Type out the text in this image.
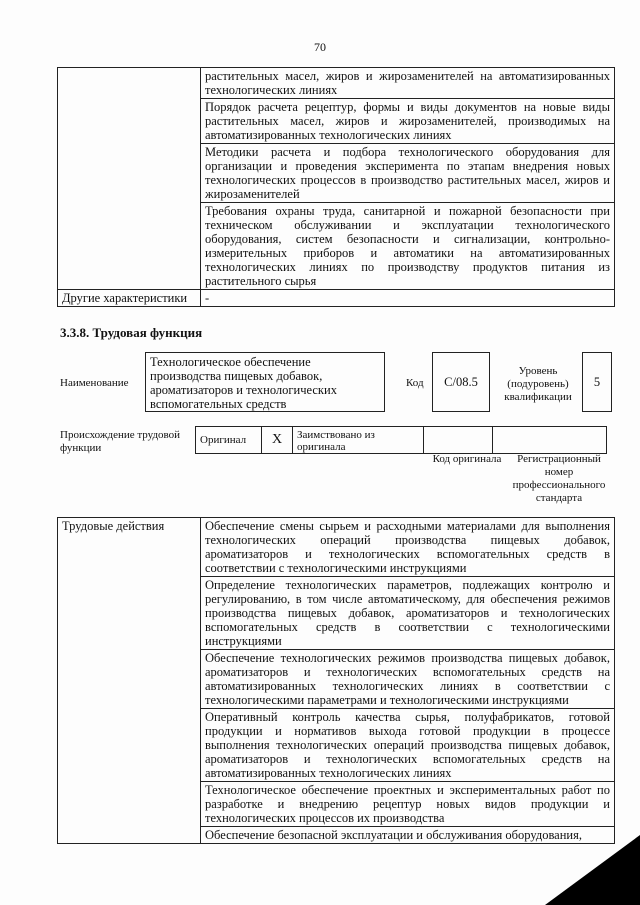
70
	растительных масел, жиров и жирозаменителей на автоматизированных технологических линиях
	Порядок расчета рецептур, формы и виды документов на новые виды растительных масел, жиров и жирозаменителей, производимых на автоматизированных технологических линиях
	Методики расчета и подбора технологического оборудования для организации и проведения эксперимента по этапам внедрения новых технологических процессов в производство растительных масел, жиров и жирозаменителей
	Требования охраны труда, санитарной и пожарной безопасности при техническом обслуживании и эксплуатации технологического оборудования, систем безопасности и сигнализации, контрольно-измерительных приборов и автоматики на автоматизированных технологических линиях по производству продуктов питания из растительного сырья
Другие характеристики	-
3.3.8. Трудовая функция
Наименование
Технологическое обеспечение производства пищевых добавок, ароматизаторов и технологических вспомогательных средств
Код	C/08.5
Уровень (подуровень) квалификации
5
Происхождение трудовой функции
Оригинал	X	Заимствовано из оригинала		
Код оригинала	Регистрационный номер профессионального стандарта
Трудовые действия	Обеспечение смены сырьем и расходными материалами для выполнения технологических операций производства пищевых добавок, ароматизаторов и технологических вспомогательных средств в соответствии с технологическими инструкциями
Определение технологических параметров, подлежащих контролю и регулированию, в том числе автоматическому, для обеспечения режимов производства пищевых добавок, ароматизаторов и технологических вспомогательных средств в соответствии с технологическими инструкциями
Обеспечение технологических режимов производства пищевых добавок, ароматизаторов и технологических вспомогательных средств на автоматизированных технологических линиях в соответствии с технологическими параметрами и технологическими инструкциями
Оперативный контроль качества сырья, полуфабрикатов, готовой продукции и нормативов выхода готовой продукции в процессе выполнения технологических операций производства пищевых добавок, ароматизаторов и технологических вспомогательных средств на автоматизированных технологических линиях
Технологическое обеспечение проектных и экспериментальных работ по разработке и внедрению рецептур новых видов продукции и технологических процессов их производства
Обеспечение безопасной эксплуатации и обслуживания оборудования,
